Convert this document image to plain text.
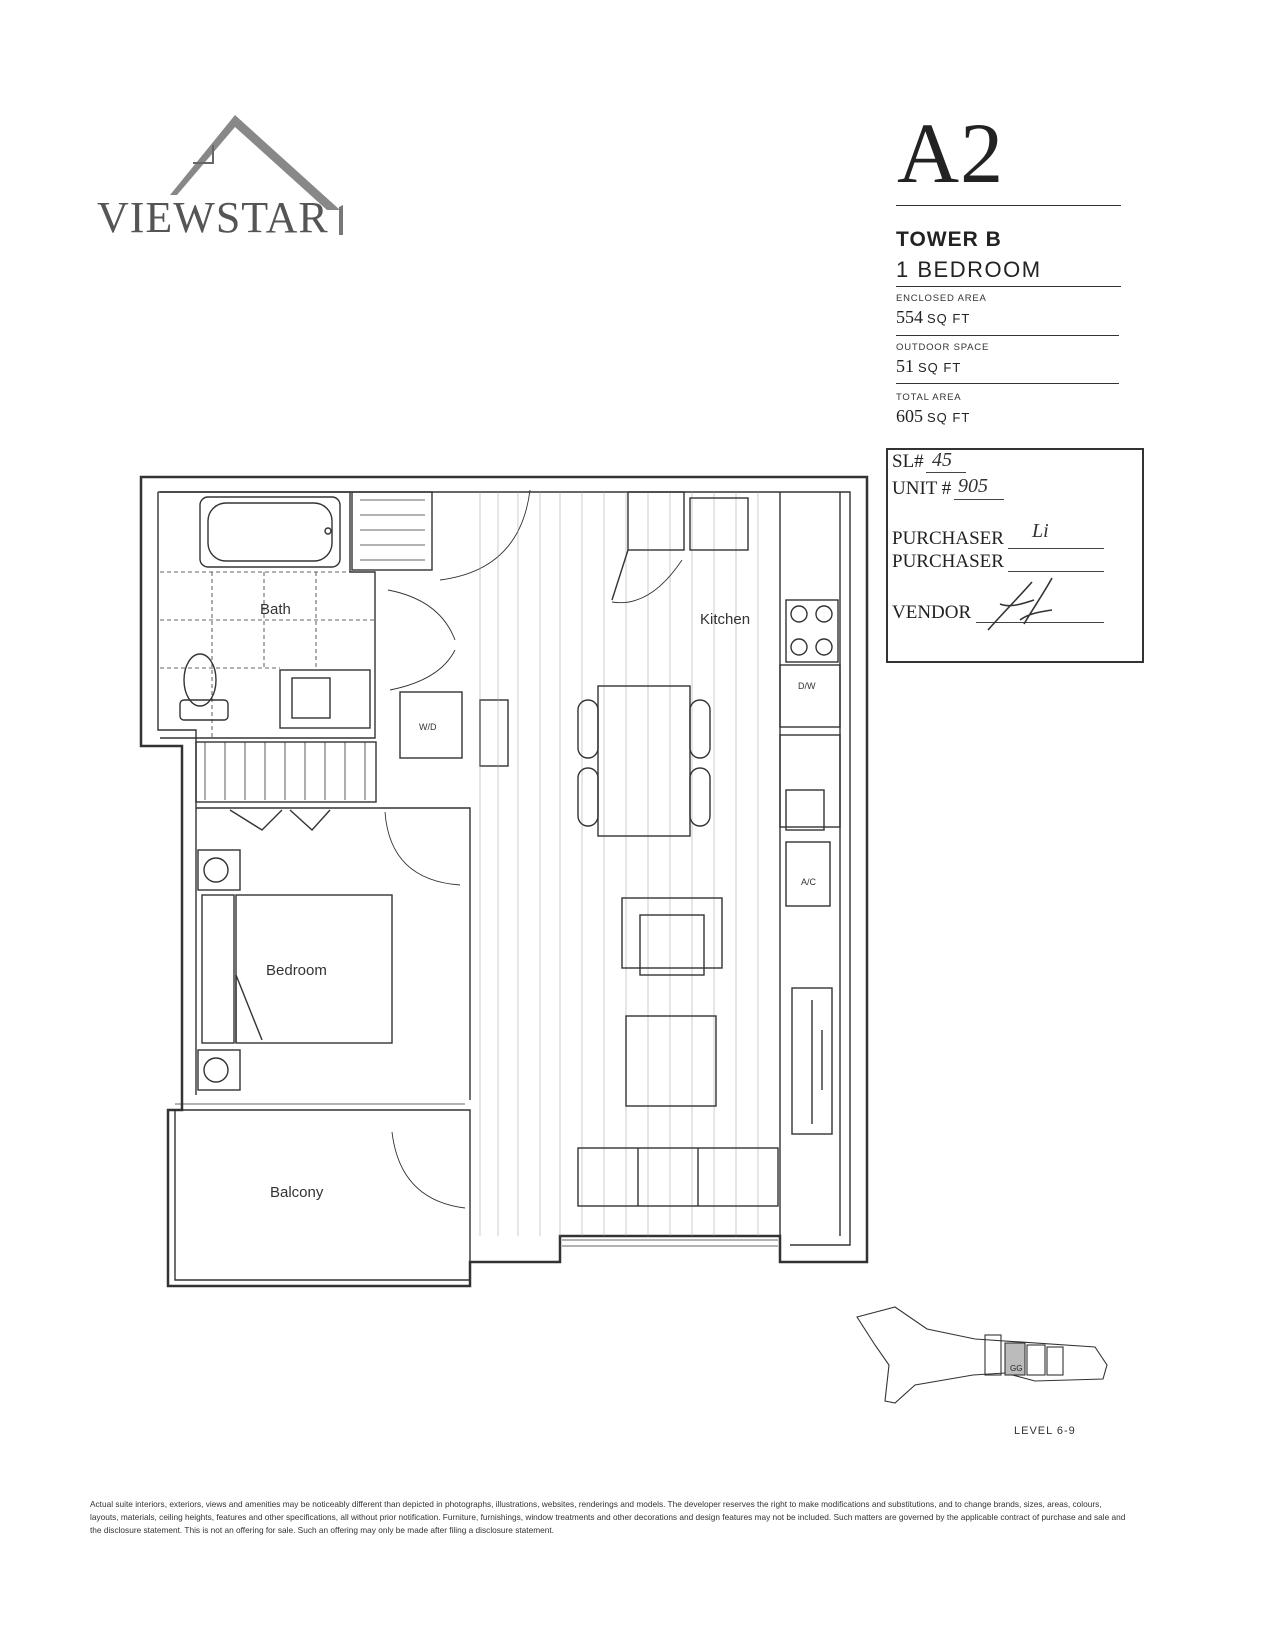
VIEWSTAR
A2
TOWER B
1 BEDROOM
ENCLOSED AREA
554 SQ FT
OUTDOOR SPACE
51 SQ FT
TOTAL AREA
605 SQ FT
SL# 45
UNIT # 905
PURCHASER Li
PURCHASER
VENDOR
Bath
Kitchen
Bedroom
Balcony
W/D
D/W
A/C
GG
LEVEL 6-9
Actual suite interiors, exteriors, views and amenities may be noticeably different than depicted in photographs, illustrations, websites, renderings and models. The developer reserves the right to make modifications and substitutions, and to change brands, sizes, areas, colours, layouts, materials, ceiling heights, features and other specifications, all without prior notification. Furniture, furnishings, window treatments and other decorations and design features may not be included. Such matters are governed by the applicable contract of purchase and sale and the disclosure statement. This is not an offering for sale. Such an offering may only be made after filing a disclosure statement.
